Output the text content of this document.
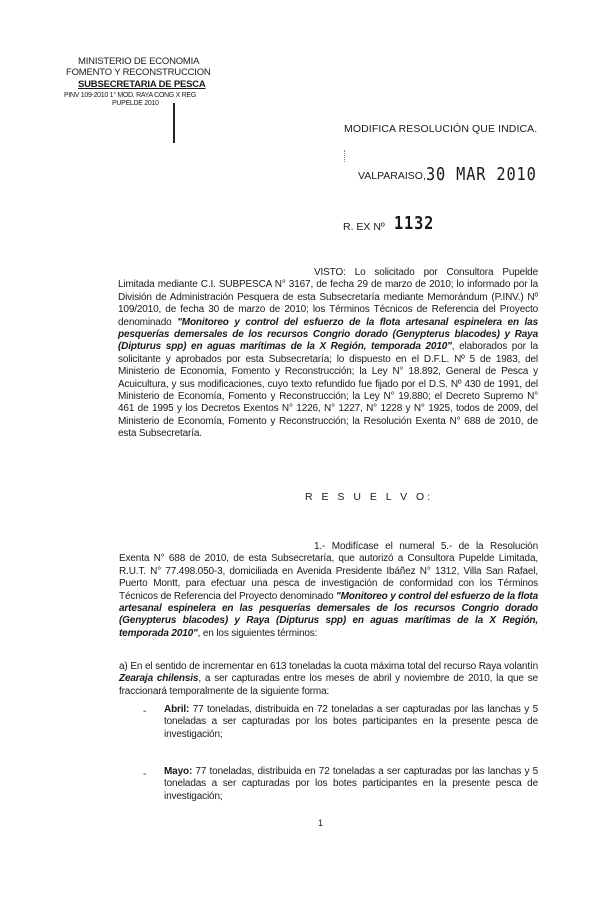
MINISTERIO DE ECONOMIA
FOMENTO Y RECONSTRUCCION
SUBSECRETARIA DE PESCA
PINV 109-2010 1° MOD. RAYA CONG X REG
PUPELDE 2010
MODIFICA RESOLUCIÓN QUE INDICA.
VALPARAISO, 30 MAR 2010
R. EX Nº 1132
VISTO: Lo solicitado por Consultora Pupelde Limitada mediante C.I. SUBPESCA N° 3167, de fecha 29 de marzo de 2010; lo informado por la División de Administración Pesquera de esta Subsecretaría mediante Memorándum (P.INV.) Nº 109/2010, de fecha 30 de marzo de 2010; los Términos Técnicos de Referencia del Proyecto denominado "Monitoreo y control del esfuerzo de la flota artesanal espinelera en las pesquerías demersales de los recursos Congrio dorado (Genypterus blacodes) y Raya (Dipturus spp) en aguas marítimas de la X Región, temporada 2010", elaborados por la solicitante y aprobados por esta Subsecretaría; lo dispuesto en el D.F.L. Nº 5 de 1983, del Ministerio de Economía, Fomento y Reconstrucción; la Ley N° 18.892, General de Pesca y Acuicultura, y sus modificaciones, cuyo texto refundido fue fijado por el D.S. Nº 430 de 1991, del Ministerio de Economía, Fomento y Reconstrucción; la Ley N° 19.880; el Decreto Supremo N° 461 de 1995 y los Decretos Exentos N° 1226, N° 1227, N° 1228 y N° 1925, todos de 2009, del Ministerio de Economía, Fomento y Reconstrucción; la Resolución Exenta N° 688 de 2010, de esta Subsecretaría.
R E S U E L V O:
1.- Modifícase el numeral 5.- de la Resolución Exenta N° 688 de 2010, de esta Subsecretaría, que autorizó a Consultora Pupelde Limitada, R.U.T. N° 77.498.050-3, domiciliada en Avenida Presidente Ibáñez N° 1312, Villa San Rafael, Puerto Montt, para efectuar una pesca de investigación de conformidad con los Términos Técnicos de Referencia del Proyecto denominado "Monitoreo y control del esfuerzo de la flota artesanal espinelera en las pesquerías demersales de los recursos Congrio dorado (Genypterus blacodes) y Raya (Dipturus spp) en aguas marítimas de la X Región, temporada 2010", en los siguientes términos:
a) En el sentido de incrementar en 613 toneladas la cuota máxima total del recurso Raya volantín Zearaja chilensis, a ser capturadas entre los meses de abril y noviembre de 2010, la que se fraccionará temporalmente de la siguiente forma:
- Abril: 77 toneladas, distribuida en 72 toneladas a ser capturadas por las lanchas y 5 toneladas a ser capturadas por los botes participantes en la presente pesca de investigación;
- Mayo: 77 toneladas, distribuida en 72 toneladas a ser capturadas por las lanchas y 5 toneladas a ser capturadas por los botes participantes en la presente pesca de investigación;
1
